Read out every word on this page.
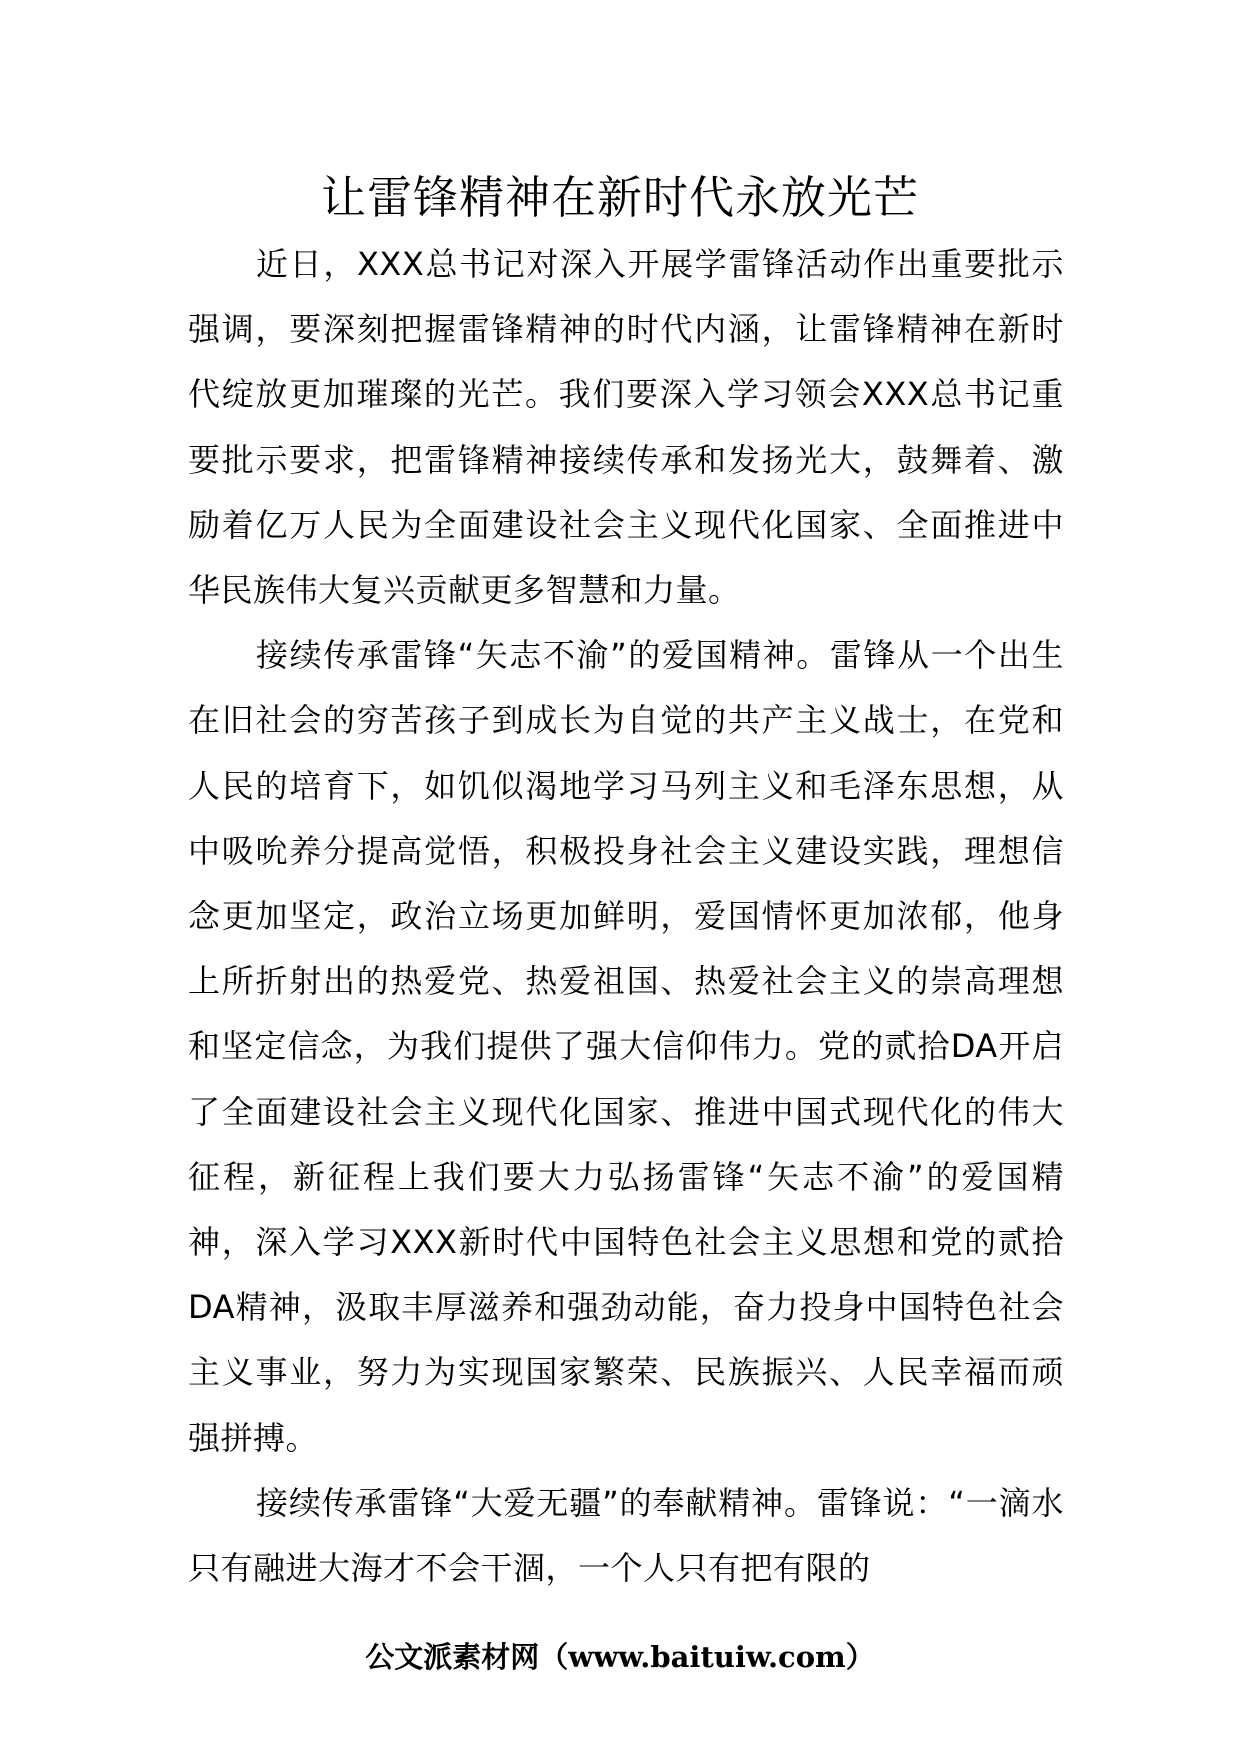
让雷锋精神在新时代永放光芒

近日，XXX总书记对深入开展学雷锋活动作出重要批示强调，要深刻把握雷锋精神的时代内涵，让雷锋精神在新时代绽放更加璀璨的光芒。我们要深入学习领会XXX总书记重要批示要求，把雷锋精神接续传承和发扬光大，鼓舞着、激励着亿万人民为全面建设社会主义现代化国家、全面推进中华民族伟大复兴贡献更多智慧和力量。

接续传承雷锋“矢志不渝”的爱国精神。雷锋从一个出生在旧社会的穷苦孩子到成长为自觉的共产主义战士，在党和人民的培育下，如饥似渴地学习马列主义和毛泽东思想，从中吸吮养分提高觉悟，积极投身社会主义建设实践，理想信念更加坚定，政治立场更加鲜明，爱国情怀更加浓郁，他身上所折射出的热爱党、热爱祖国、热爱社会主义的崇高理想和坚定信念，为我们提供了强大信仰伟力。党的贰拾DA开启了全面建设社会主义现代化国家、推进中国式现代化的伟大征程，新征程上我们要大力弘扬雷锋“矢志不渝”的爱国精神，深入学习XXX新时代中国特色社会主义思想和党的贰拾DA精神，汲取丰厚滋养和强劲动能，奋力投身中国特色社会主义事业，努力为实现国家繁荣、民族振兴、人民幸福而顽强拼搏。

接续传承雷锋“大爱无疆”的奉献精神。雷锋说：“一滴水只有融进大海才不会干涸，一个人只有把有限的

公文派素材网（www.baituiw.com）
